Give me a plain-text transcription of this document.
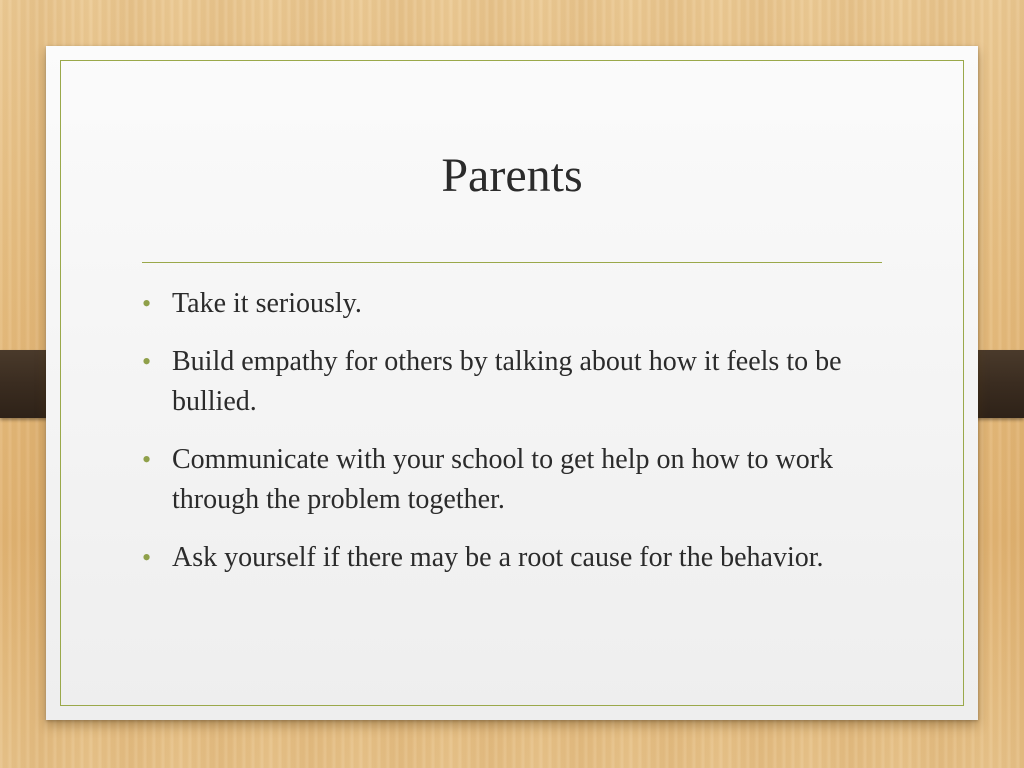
Parents
• Take it seriously.
• Build empathy for others by talking about how it feels to be bullied.
• Communicate with your school to get help on how to work through the problem together.
• Ask yourself if there may be a root cause for the behavior.
